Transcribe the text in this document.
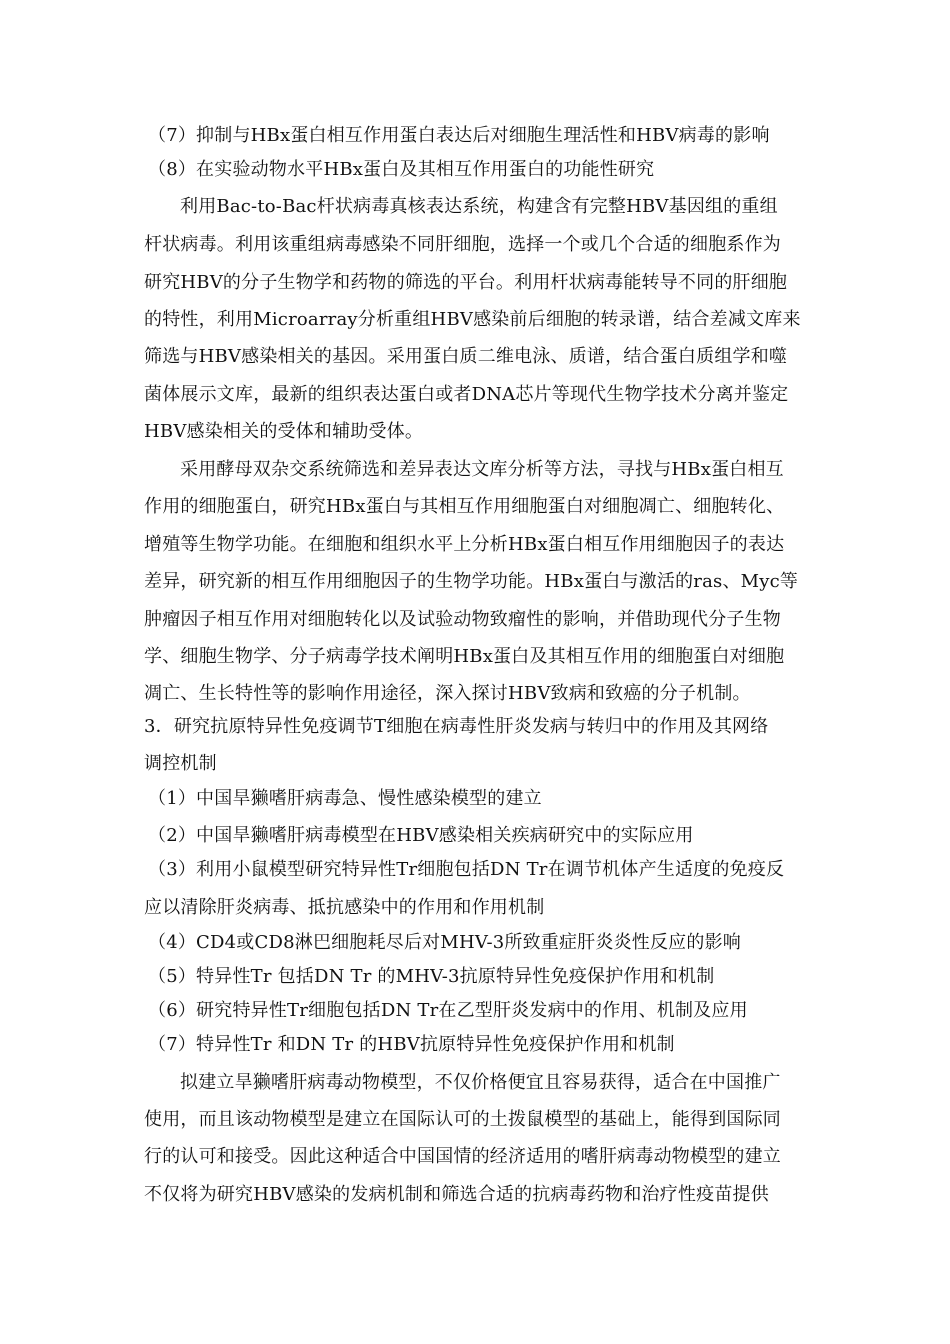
（7）抑制与HBx蛋白相互作用蛋白表达后对细胞生理活性和HBV病毒的影响
（8）在实验动物水平HBx蛋白及其相互作用蛋白的功能性研究
利用Bac-to-Bac杆状病毒真核表达系统，构建含有完整HBV基因组的重组
杆状病毒。利用该重组病毒感染不同肝细胞，选择一个或几个合适的细胞系作为
研究HBV的分子生物学和药物的筛选的平台。利用杆状病毒能转导不同的肝细胞
的特性，利用Microarray分析重组HBV感染前后细胞的转录谱，结合差减文库来
筛选与HBV感染相关的基因。采用蛋白质二维电泳、质谱，结合蛋白质组学和噬
菌体展示文库，最新的组织表达蛋白或者DNA芯片等现代生物学技术分离并鉴定
HBV感染相关的受体和辅助受体。
采用酵母双杂交系统筛选和差异表达文库分析等方法，寻找与HBx蛋白相互
作用的细胞蛋白，研究HBx蛋白与其相互作用细胞蛋白对细胞凋亡、细胞转化、
增殖等生物学功能。在细胞和组织水平上分析HBx蛋白相互作用细胞因子的表达
差异，研究新的相互作用细胞因子的生物学功能。HBx蛋白与激活的ras、Myc等
肿瘤因子相互作用对细胞转化以及试验动物致瘤性的影响，并借助现代分子生物
学、细胞生物学、分子病毒学技术阐明HBx蛋白及其相互作用的细胞蛋白对细胞
凋亡、生长特性等的影响作用途径，深入探讨HBV致病和致癌的分子机制。
3．研究抗原特异性免疫调节T细胞在病毒性肝炎发病与转归中的作用及其网络
调控机制
（1）中国旱獭嗜肝病毒急、慢性感染模型的建立
（2）中国旱獭嗜肝病毒模型在HBV感染相关疾病研究中的实际应用
（3）利用小鼠模型研究特异性Tr细胞包括DN Tr在调节机体产生适度的免疫反
应以清除肝炎病毒、抵抗感染中的作用和作用机制
（4）CD4或CD8淋巴细胞耗尽后对MHV-3所致重症肝炎炎性反应的影响
（5）特异性Tr 包括DN Tr 的MHV-3抗原特异性免疫保护作用和机制
（6）研究特异性Tr细胞包括DN Tr在乙型肝炎发病中的作用、机制及应用
（7）特异性Tr 和DN Tr 的HBV抗原特异性免疫保护作用和机制
拟建立旱獭嗜肝病毒动物模型，不仅价格便宜且容易获得，适合在中国推广
使用，而且该动物模型是建立在国际认可的土拨鼠模型的基础上，能得到国际同
行的认可和接受。因此这种适合中国国情的经济适用的嗜肝病毒动物模型的建立
不仅将为研究HBV感染的发病机制和筛选合适的抗病毒药物和治疗性疫苗提供
